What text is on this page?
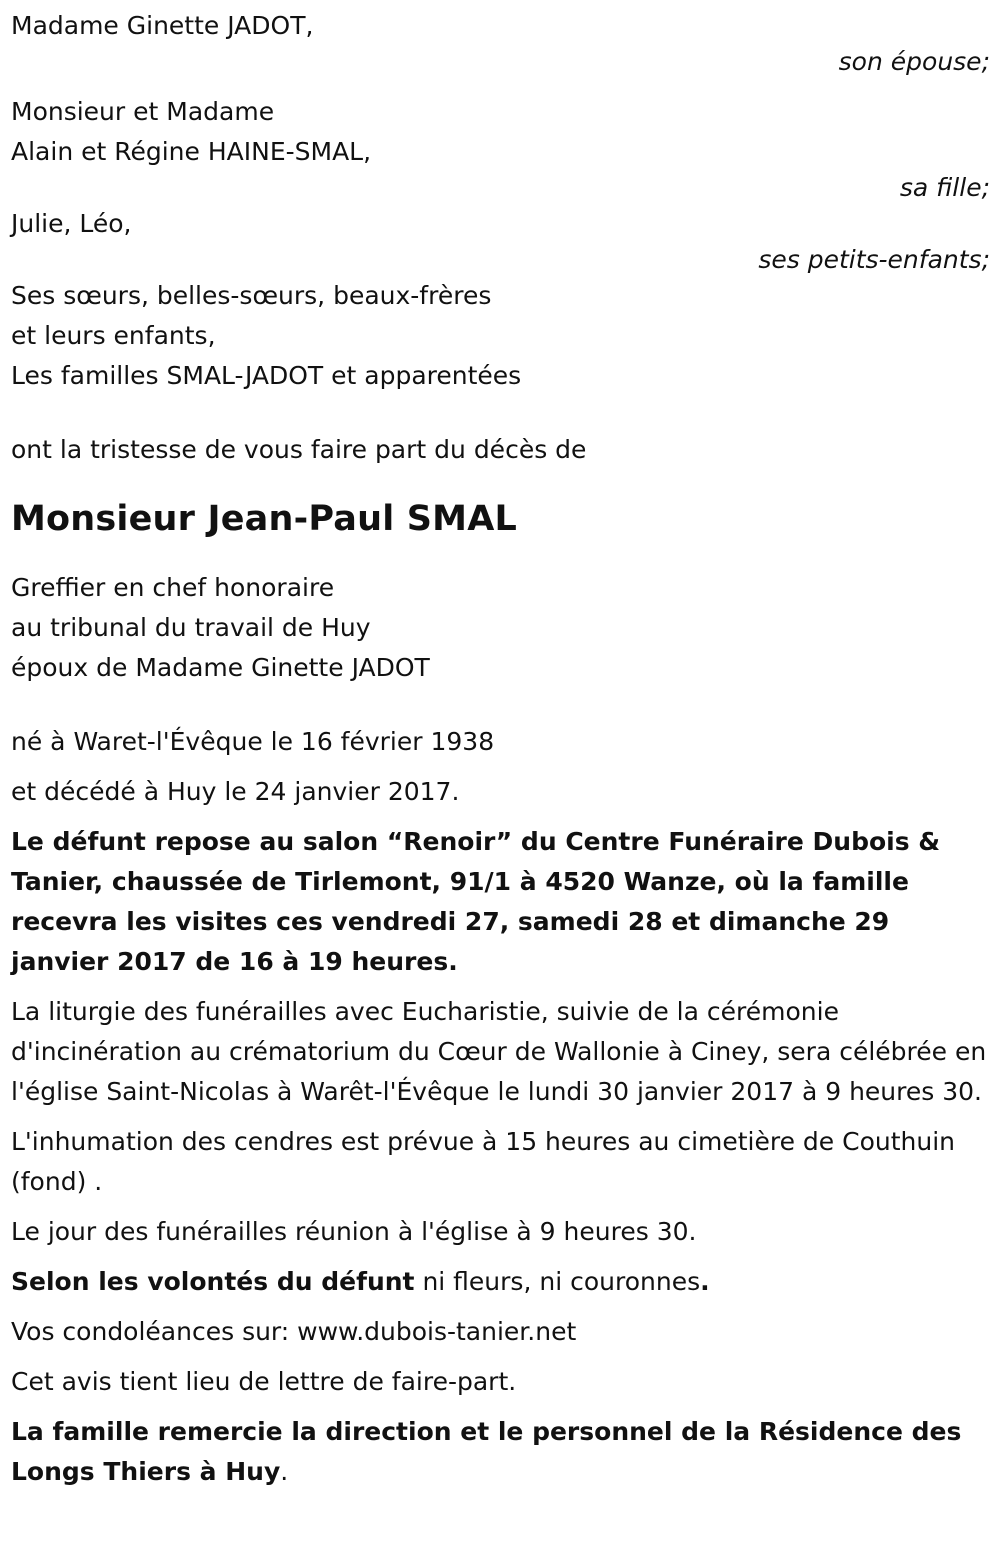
Madame Ginette JADOT,

son épouse;

Monsieur et Madame

Alain et Régine HAINE-SMAL,

sa fille;

Julie, Léo,

ses petits-enfants;

Ses sœurs, belles-sœurs, beaux-frères

et leurs enfants,

Les familles SMAL-JADOT et apparentées

ont la tristesse de vous faire part du décès de

Monsieur Jean-Paul SMAL

Greffier en chef honoraire

au tribunal du travail de Huy

époux de Madame Ginette JADOT

né à Waret-l'Évêque le 16 février 1938

et décédé à Huy le 24 janvier 2017.

Le défunt repose au salon “Renoir” du Centre Funéraire Dubois & Tanier, chaussée de Tirlemont, 91/1 à 4520 Wanze, où la famille recevra les visites ces vendredi 27, samedi 28 et dimanche 29 janvier 2017 de 16 à 19 heures.

La liturgie des funérailles avec Eucharistie, suivie de la cérémonie d'incinération au crématorium du Cœur de Wallonie à Ciney, sera célébrée en l'église Saint-Nicolas à Warêt-l'Évêque le lundi 30 janvier 2017 à 9 heures 30.

L'inhumation des cendres est prévue à 15 heures au cimetière de Couthuin (fond) .

Le jour des funérailles réunion à l'église à 9 heures 30.

Selon les volontés du défunt ni fleurs, ni couronnes.

Vos condoléances sur: www.dubois-tanier.net

Cet avis tient lieu de lettre de faire-part.

La famille remercie la direction et le personnel de la Résidence des Longs Thiers à Huy.
